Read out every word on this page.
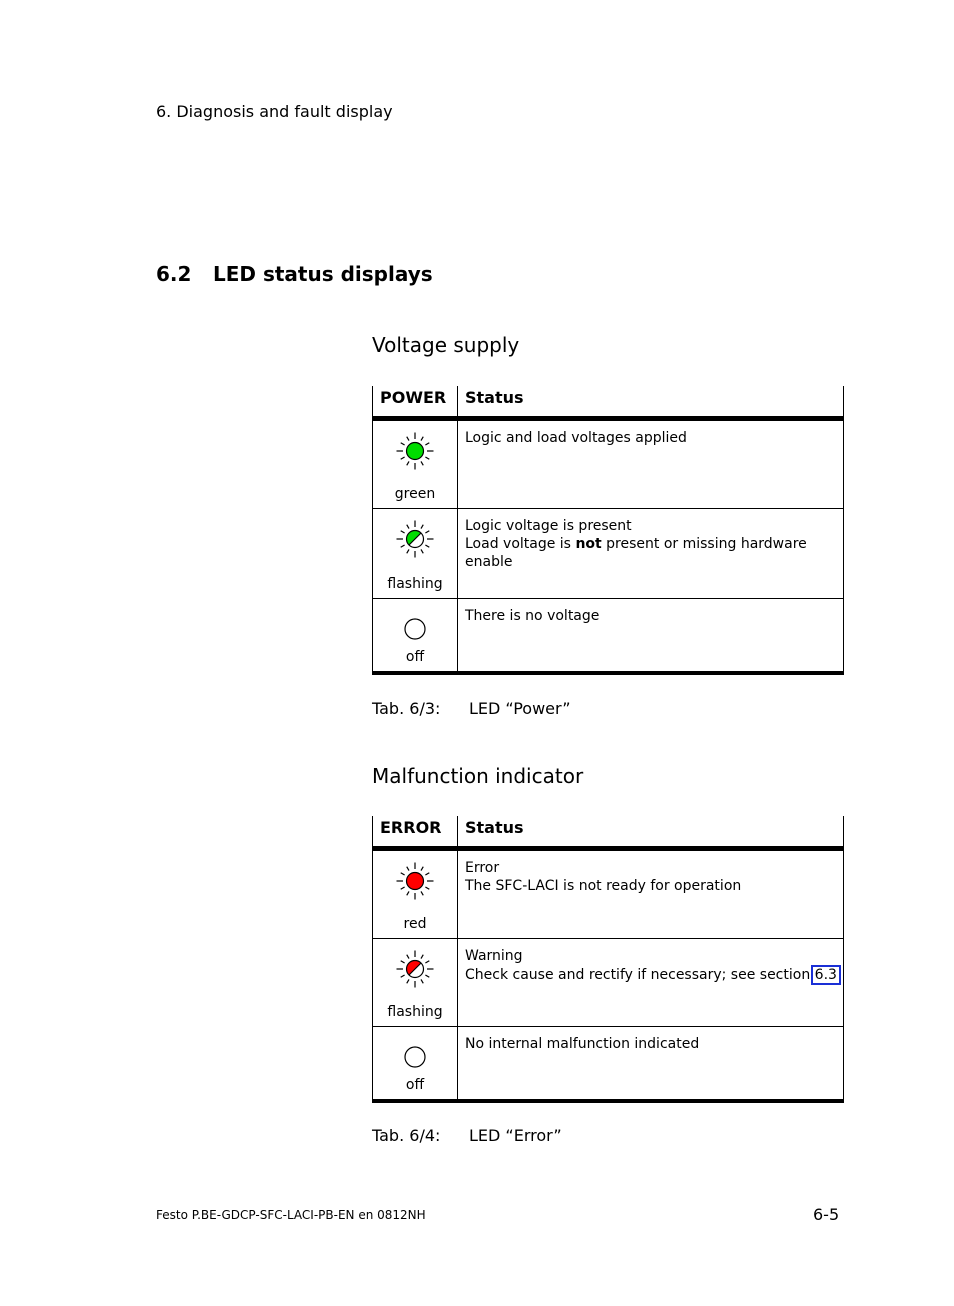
6. Diagnosis and fault display
6.2 LED status displays
Voltage supply
POWER	Status

green	Logic and load voltages applied

flashing	Logic voltage is present
Load voltage is not present or missing hardware enable

off	There is no voltage
Tab. 6/3: LED “Power”
Malfunction indicator
ERROR	Status

red	Error
The SFC-LACI is not ready for operation

flashing	Warning
Check cause and rectify if necessary; see section 6.3

off	No internal malfunction indicated
Tab. 6/4: LED “Error”
Festo P.BE-GDCP-SFC-LACI-PB-EN en 0812NH	6-5
